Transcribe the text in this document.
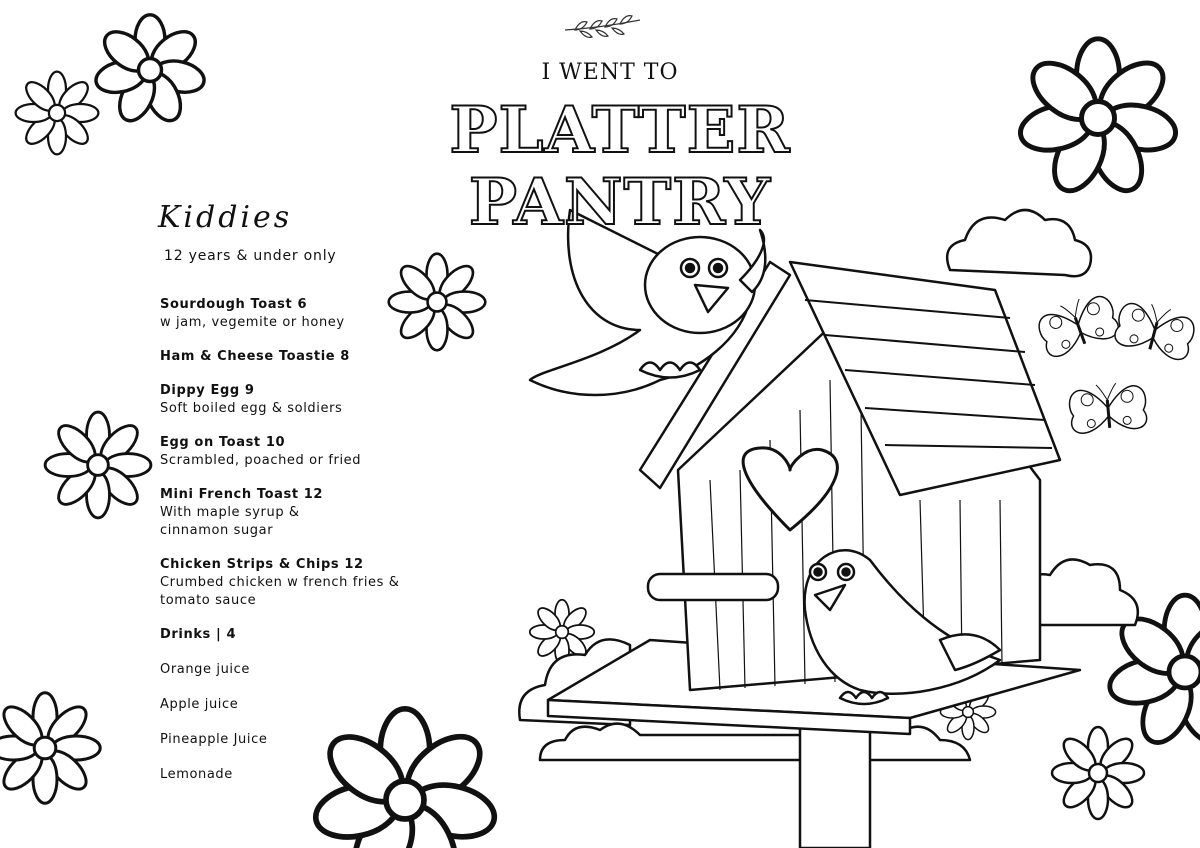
I WENT TO
PLATTER PANTRY
Kiddies
12 years & under only
Sourdough Toast 6
w jam, vegemite or honey
Ham & Cheese Toastie 8
Dippy Egg 9
Soft boiled egg & soldiers
Egg on Toast 10
Scrambled, poached or fried
Mini French Toast 12
With maple syrup &
cinnamon sugar
Chicken Strips & Chips 12
Crumbed chicken w french fries &
tomato sauce
Drinks | 4
Orange juice
Apple juice
Pineapple Juice
Lemonade
